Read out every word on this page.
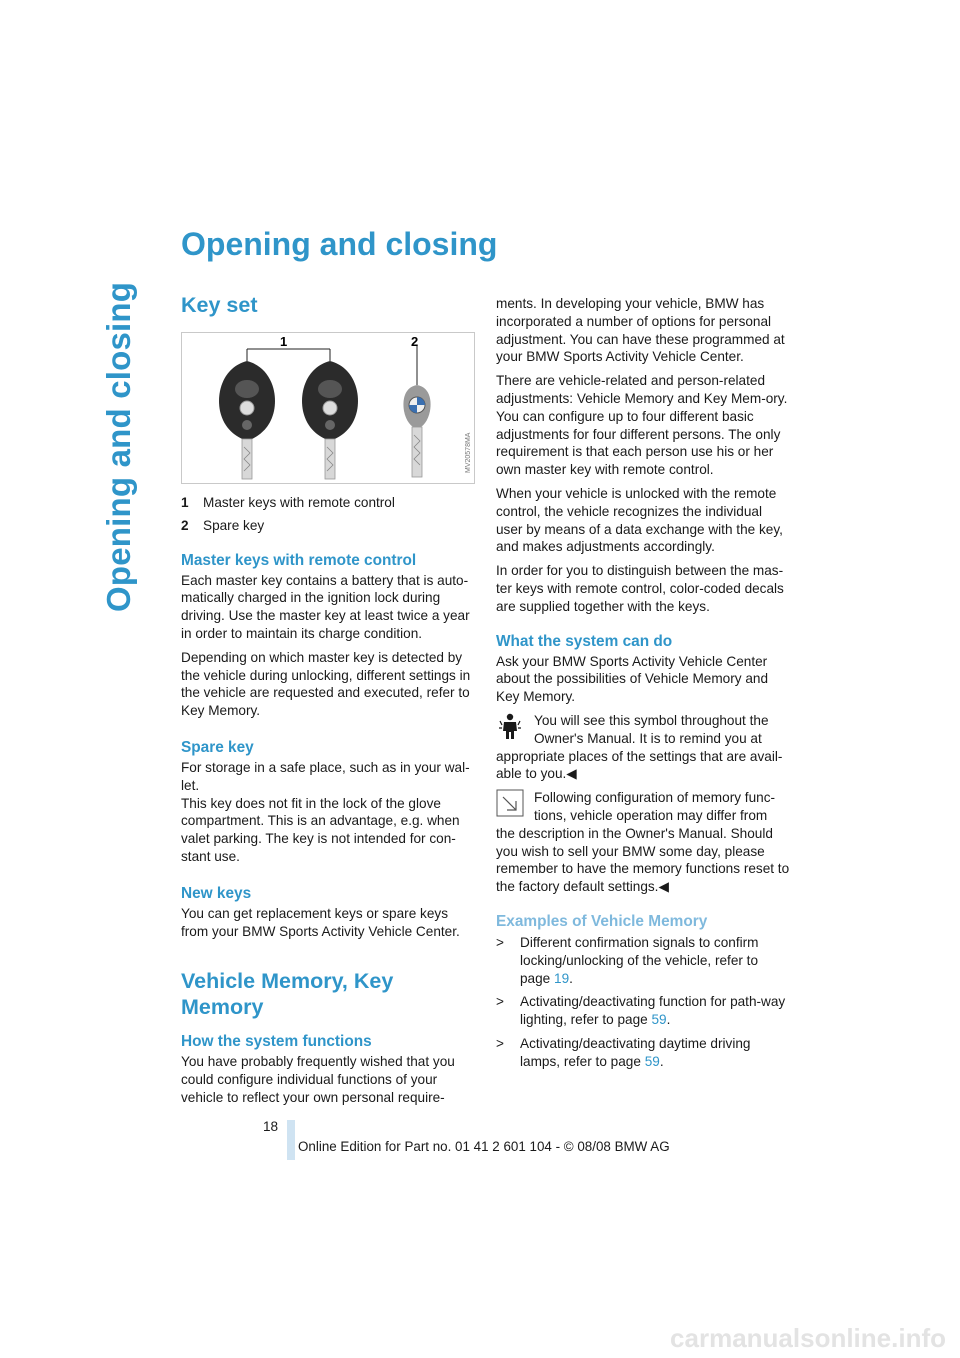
Opening and closing
Opening and closing
Key set
1	2
MV20578MA
1	Master keys with remote control
2	Spare key
Master keys with remote control

Each master key contains a battery that is auto-matically charged in the ignition lock during driving. Use the master key at least twice a year in order to maintain its charge condition.

Depending on which master key is detected by the vehicle during unlocking, different settings in the vehicle are requested and executed, refer to Key Memory.

Spare key

For storage in a safe place, such as in your wal-let.

This key does not fit in the lock of the glove compartment. This is an advantage, e.g. when valet parking. The key is not intended for con-stant use.

New keys

You can get replacement keys or spare keys from your BMW Sports Activity Vehicle Center.

Vehicle Memory, Key Memory
How the system functions

You have probably frequently wished that you could configure individual functions of your vehicle to reflect your own personal require-

ments. In developing your vehicle, BMW has incorporated a number of options for personal adjustment. You can have these programmed at your BMW Sports Activity Vehicle Center.

There are vehicle-related and person-related adjustments: Vehicle Memory and Key Mem-ory. You can configure up to four different basic adjustments for four different persons. The only requirement is that each person use his or her own master key with remote control.

When your vehicle is unlocked with the remote control, the vehicle recognizes the individual user by means of a data exchange with the key, and makes adjustments accordingly.

In order for you to distinguish between the mas-ter keys with remote control, color-coded decals are supplied together with the keys.

What the system can do

Ask your BMW Sports Activity Vehicle Center about the possibilities of Vehicle Memory and Key Memory.

You will see this symbol throughout the Owner's Manual. It is to remind you at

appropriate places of the settings that are avail-able to you.◀

Following configuration of memory func-tions, vehicle operation may differ from

the description in the Owner's Manual. Should you wish to sell your BMW some day, please remember to have the memory functions reset to the factory default settings.◀

Examples of Vehicle Memory
>	Different confirmation signals to confirm locking/unlocking of the vehicle, refer to page 19.
>	Activating/deactivating function for path-way lighting, refer to page 59.
>	Activating/deactivating daytime driving lamps, refer to page 59.
18
Online Edition for Part no. 01 41 2 601 104 - © 08/08 BMW AG
carmanualsonline.info
